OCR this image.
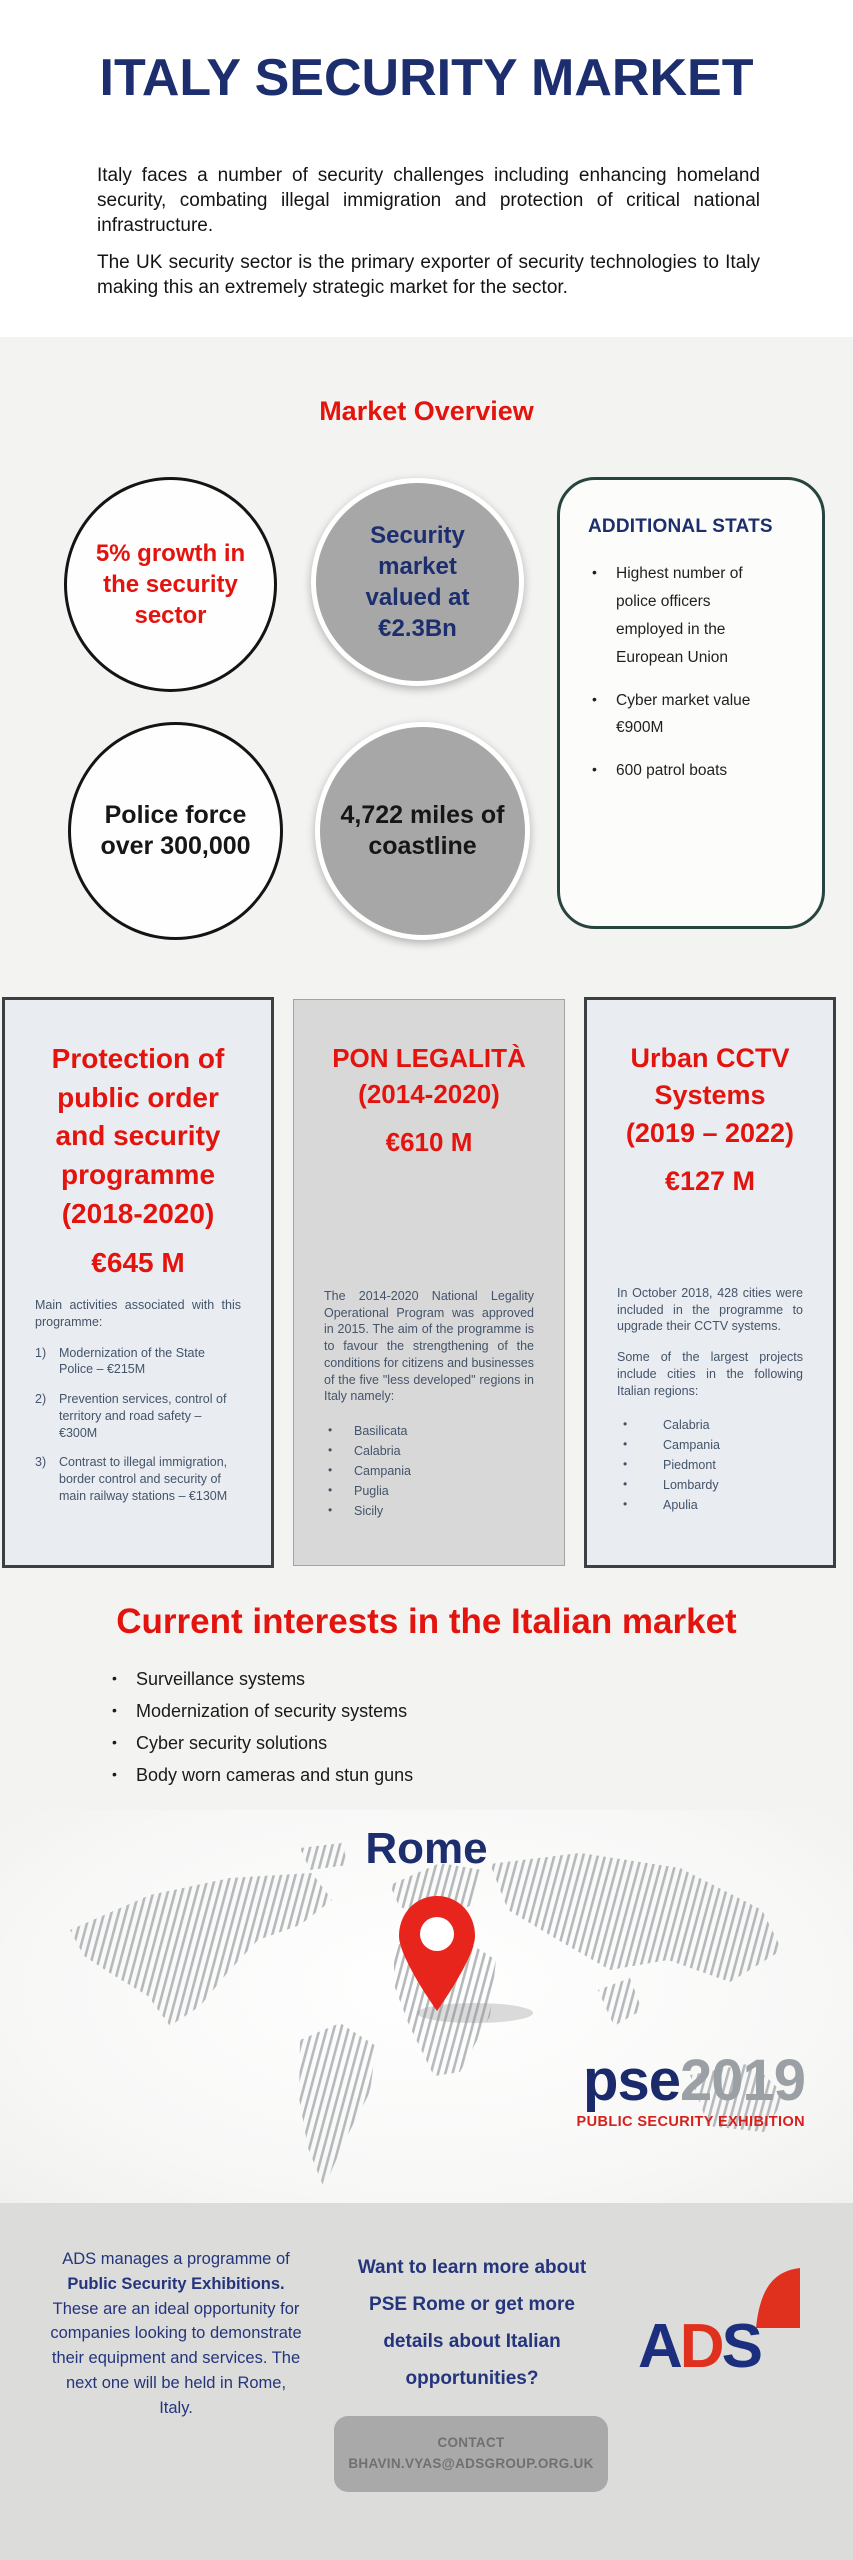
ITALY SECURITY MARKET

Italy faces a number of security challenges including enhancing homeland security, combating illegal immigration and protection of critical national infrastructure.

The UK security sector is the primary exporter of security technologies to Italy making this an extremely strategic market for the sector.

Market Overview
5% growth in the security sector
Security market valued at €2.3Bn
Police force over 300,000
4,722 miles of coastline
ADDITIONAL STATS
• Highest number of police officers employed in the European Union
• Cyber market value €900M
• 600 patrol boats
Protection of public order and security programme (2018-2020)
€645 M

Main activities associated with this programme:

1) Modernization of the State Police – €215M
2) Prevention services, control of territory and road safety – €300M
3) Contrast to illegal immigration, border control and security of main railway stations – €130M
PON LEGALITÀ (2014-2020)
€610 M

The 2014-2020 National Legality Operational Program was approved in 2015. The aim of the programme is to favour the strengthening of the conditions for citizens and businesses of the five "less developed" regions in Italy namely:

• Basilicata
• Calabria
• Campania
• Puglia
• Sicily
Urban CCTV Systems (2019 – 2022)
€127 M

In October 2018, 428 cities were included in the programme to upgrade their CCTV systems.

Some of the largest projects include cities in the following Italian regions:

• Calabria
• Campania
• Piedmont
• Lombardy
• Apulia
Current interests in the Italian market
• Surveillance systems
• Modernization of security systems
• Cyber security solutions
• Body worn cameras and stun guns
Rome
pse2019
PUBLIC SECURITY EXHIBITION

ADS manages a programme of Public Security Exhibitions. These are an ideal opportunity for companies looking to demonstrate their equipment and services. The next one will be held in Rome, Italy.

Want to learn more about PSE Rome or get more details about Italian opportunities?

CONTACT
BHAVIN.VYAS@ADSGROUP.ORG.UK
ADS
